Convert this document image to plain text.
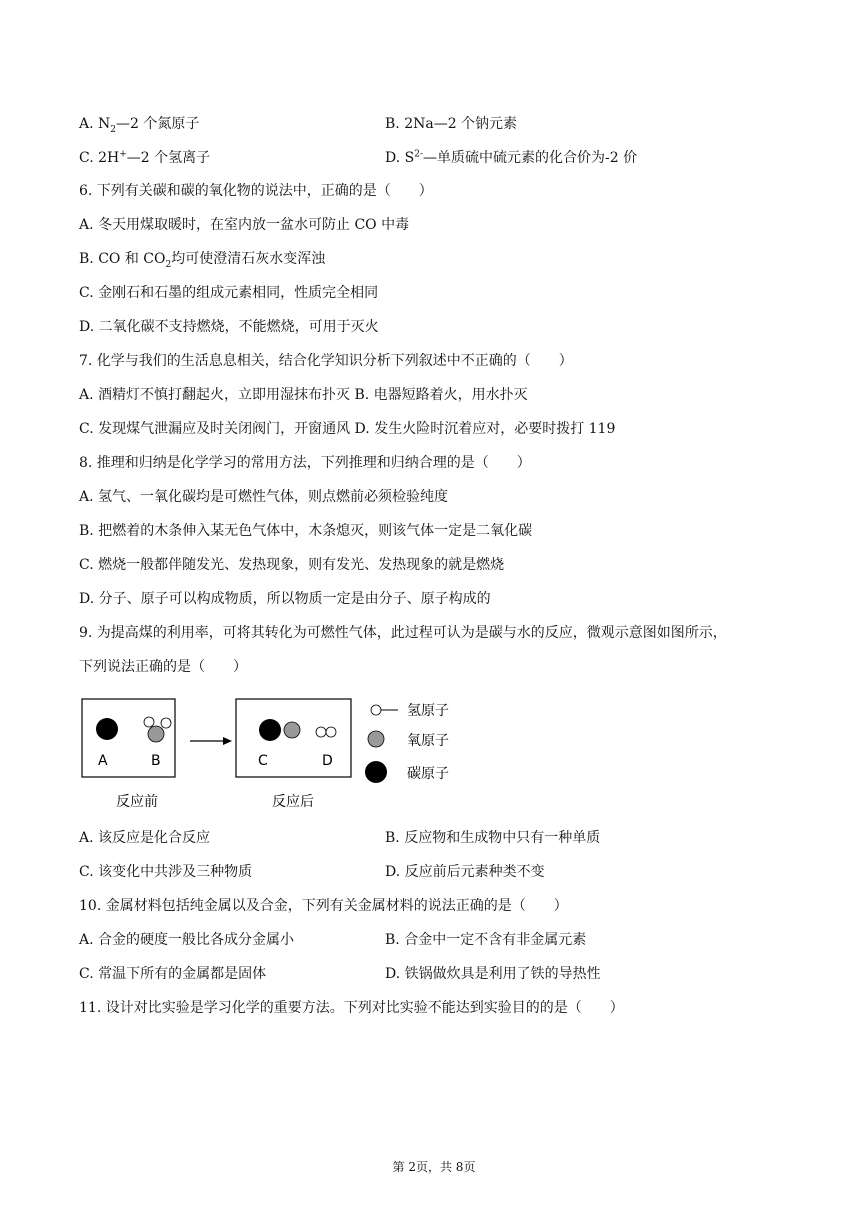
A. $N_2—2$ 个氮原子	B. 2Na—2 个钠元素
C. 2H+—2 个氢离子	D. $S^{2-}—$单质硫中硫元素的化合价为-2 价
6. 下列有关碳和碳的氧化物的说法中，正确的是（　　）
A. 冬天用煤取暖时，在室内放一盆水可防止 CO 中毒
B. CO 和 $CO_2$均可使澄清石灰水变浑浊
C. 金刚石和石墨的组成元素相同，性质完全相同
D. 二氧化碳不支持燃烧，不能燃烧，可用于灭火
7. 化学与我们的生活息息相关，结合化学知识分析下列叙述中不正确的（　　）
A. 酒精灯不慎打翻起火，立即用湿抹布扑灭 B. 电器短路着火，用水扑灭
C. 发现煤气泄漏应及时关闭阀门，开窗通风 D. 发生火险时沉着应对，必要时拨打 119
8. 推理和归纳是化学学习的常用方法，下列推理和归纳合理的是（　　）
A. 氢气、一氧化碳均是可燃性气体，则点燃前必须检验纯度
B. 把燃着的木条伸入某无色气体中，木条熄灭，则该气体一定是二氧化碳
C. 燃烧一般都伴随发光、发热现象，则有发光、发热现象的就是燃烧
D. 分子、原子可以构成物质，所以物质一定是由分子、原子构成的
9. 为提高煤的利用率，可将其转化为可燃性气体，此过程可认为是碳与水的反应，微观示意图如图所示，
下列说法正确的是（　　）
A	B	C	D
反应前	反应后
氢原子
氧原子
碳原子
A. 该反应是化合反应	B. 反应物和生成物中只有一种单质
C. 该变化中共涉及三种物质	D. 反应前后元素种类不变
10. 金属材料包括纯金属以及合金，下列有关金属材料的说法正确的是（　　）
A. 合金的硬度一般比各成分金属小	B. 合金中一定不含有非金属元素
C. 常温下所有的金属都是固体	D. 铁锅做炊具是利用了铁的导热性
11. 设计对比实验是学习化学的重要方法。下列对比实验不能达到实验目的的是（　　）
第 2页，共 8页
